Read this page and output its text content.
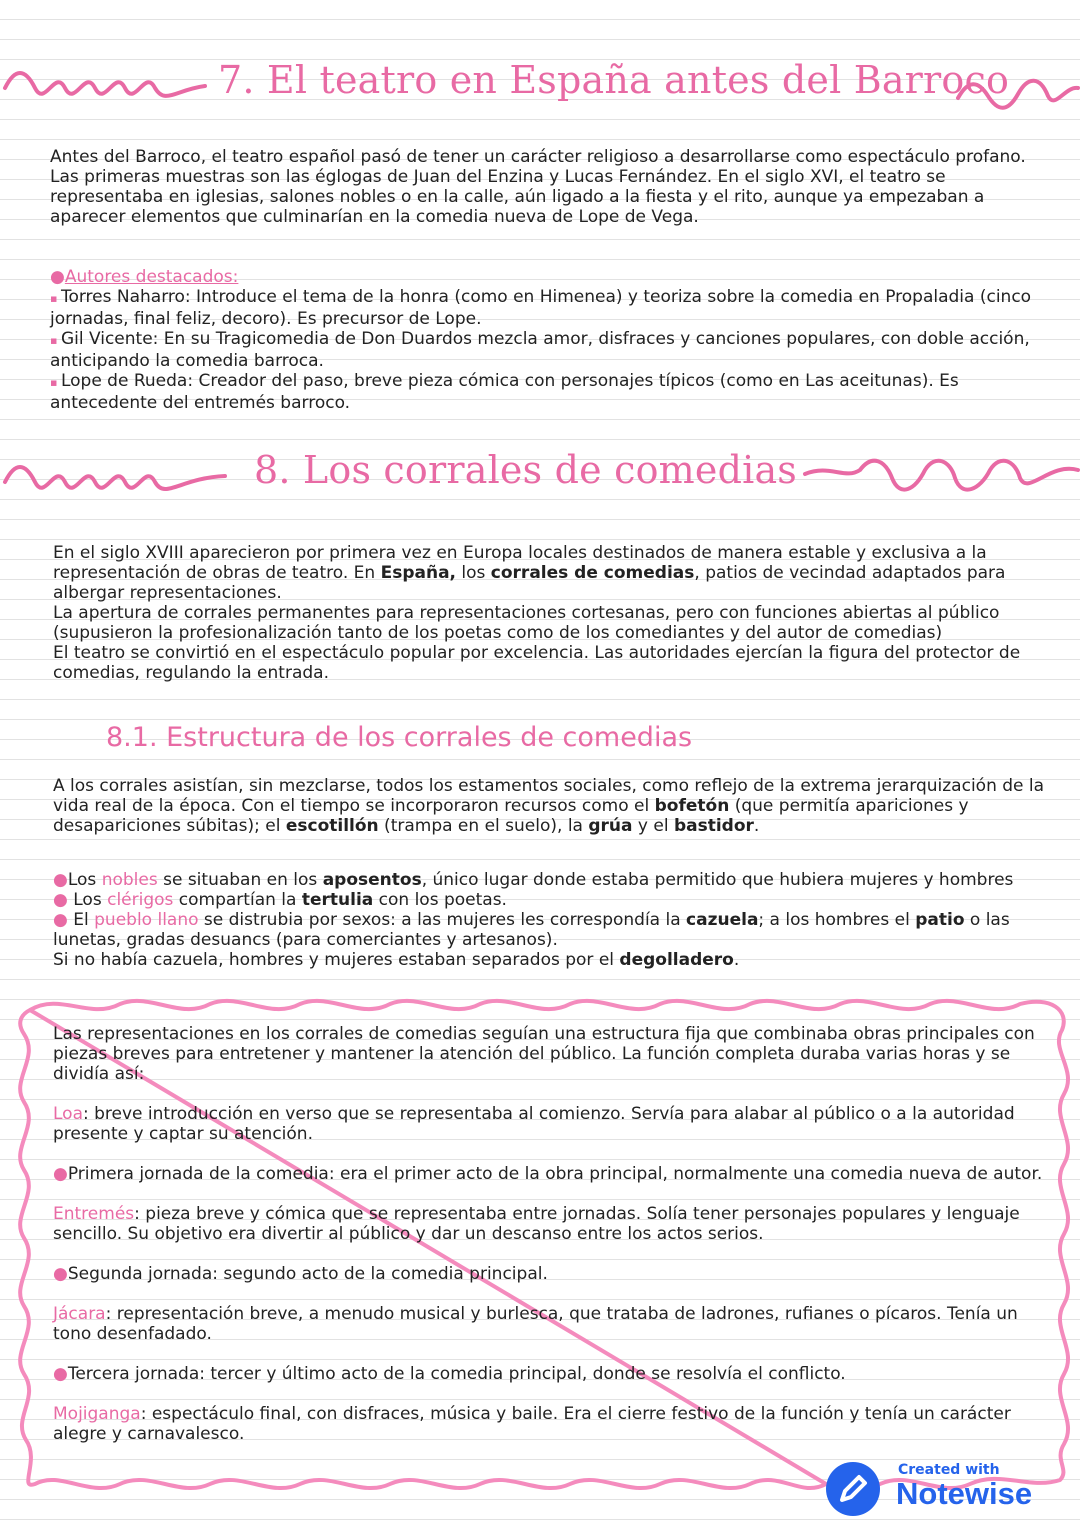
7. El teatro en España antes del Barroco

Antes del Barroco, el teatro español pasó de tener un carácter religioso a desarrollarse como espectáculo profano. Las primeras muestras son las églogas de Juan del Enzina y Lucas Fernández. En el siglo XVI, el teatro se representaba en iglesias, salones nobles o en la calle, aún ligado a la fiesta y el rito, aunque ya empezaban a aparecer elementos que culminarían en la comedia nueva de Lope de Vega.

●Autores destacados:

▪ Torres Naharro: Introduce el tema de la honra (como en Himenea) y teoriza sobre la comedia en Propaladia (cinco jornadas, final feliz, decoro). Es precursor de Lope.

▪ Gil Vicente: En su Tragicomedia de Don Duardos mezcla amor, disfraces y canciones populares, con doble acción, anticipando la comedia barroca.

▪ Lope de Rueda: Creador del paso, breve pieza cómica con personajes típicos (como en Las aceitunas). Es antecedente del entremés barroco.

8. Los corrales de comedias

En el siglo XVIII aparecieron por primera vez en Europa locales destinados de manera estable y exclusiva a la representación de obras de teatro. En España, los corrales de comedias, patios de vecindad adaptados para albergar representaciones.

La apertura de corrales permanentes para representaciones cortesanas, pero con funciones abiertas al público (supusieron la profesionalización tanto de los poetas como de los comediantes y del autor de comedias)

El teatro se convirtió en el espectáculo popular por excelencia. Las autoridades ejercían la figura del protector de comedias, regulando la entrada.

8.1. Estructura de los corrales de comedias

A los corrales asistían, sin mezclarse, todos los estamentos sociales, como reflejo de la extrema jerarquización de la vida real de la época. Con el tiempo se incorporaron recursos como el bofetón (que permitía apariciones y desapariciones súbitas); el escotillón (trampa en el suelo), la grúa y el bastidor.

●Los nobles se situaban en los aposentos, único lugar donde estaba permitido que hubiera mujeres y hombres

● Los clérigos compartían la tertulia con los poetas.

● El pueblo llano se distrubia por sexos: a las mujeres les correspondía la cazuela; a los hombres el patio o las lunetas, gradas desuancs (para comerciantes y artesanos).

Si no había cazuela, hombres y mujeres estaban separados por el degolladero.

Las representaciones en los corrales de comedias seguían una estructura fija que combinaba obras principales con piezas breves para entretener y mantener la atención del público. La función completa duraba varias horas y se dividía así:

Loa: breve introducción en verso que se representaba al comienzo. Servía para alabar al público o a la autoridad presente y captar su atención.

●Primera jornada de la comedia: era el primer acto de la obra principal, normalmente una comedia nueva de autor.

Entremés: pieza breve y cómica que se representaba entre jornadas. Solía tener personajes populares y lenguaje sencillo. Su objetivo era divertir al público y dar un descanso entre los actos serios.

●Segunda jornada: segundo acto de la comedia principal.

Jácara: representación breve, a menudo musical y burlesca, que trataba de ladrones, rufianes o pícaros. Tenía un tono desenfadado.

●Tercera jornada: tercer y último acto de la comedia principal, donde se resolvía el conflicto.

Mojiganga: espectáculo final, con disfraces, música y baile. Era el cierre festivo de la función y tenía un carácter alegre y carnavalesco.

Created with
Notewise
